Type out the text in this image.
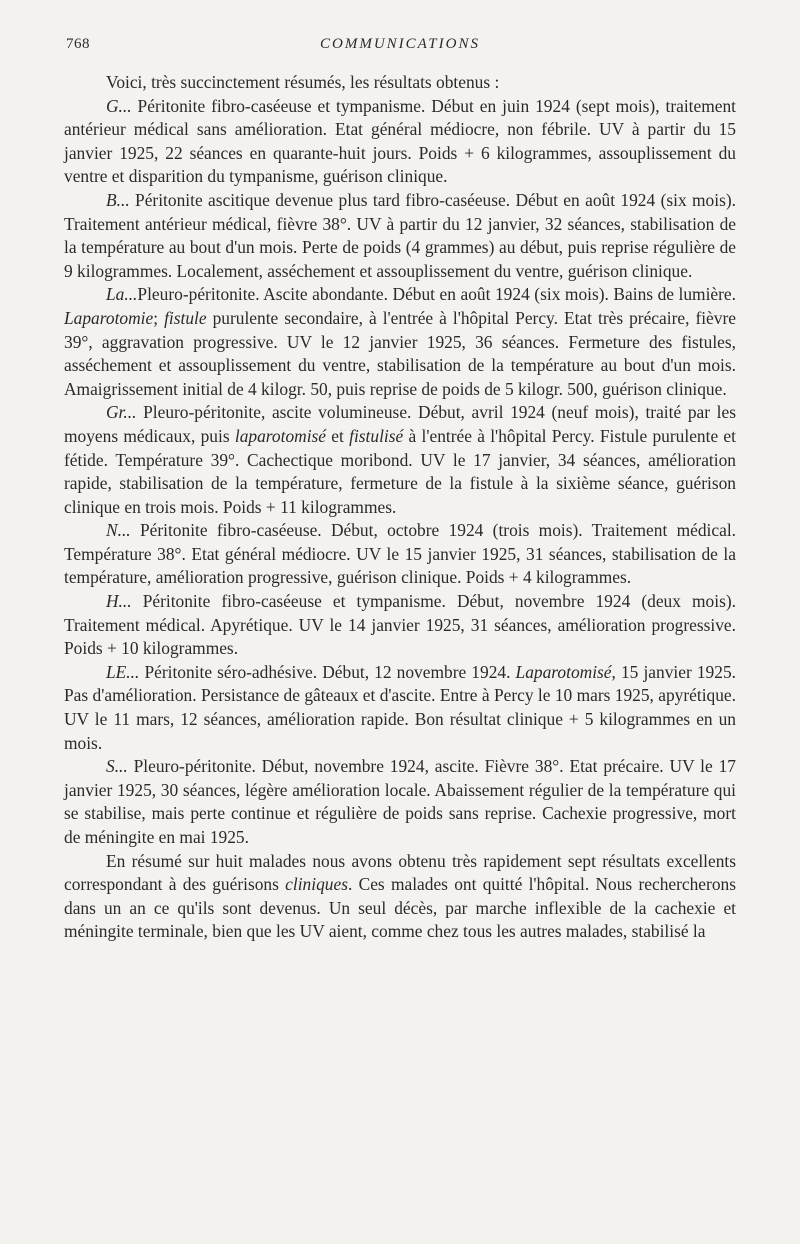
768	COMMUNICATIONS

Voici, très succinctement résumés, les résultats obtenus :

G... Péritonite fibro-caséeuse et tympanisme. Début en juin 1924 (sept mois), traitement antérieur médical sans amélioration. Etat général médiocre, non fébrile. UV à partir du 15 janvier 1925, 22 séances en quarante-huit jours. Poids + 6 kilogrammes, assouplissement du ventre et disparition du tympanisme, guérison clinique.

B... Péritonite ascitique devenue plus tard fibro-caséeuse. Début en août 1924 (six mois). Traitement antérieur médical, fièvre 38°. UV à partir du 12 janvier, 32 séances, stabilisation de la température au bout d'un mois. Perte de poids (4 grammes) au début, puis reprise régulière de 9 kilogrammes. Localement, asséchement et assouplissement du ventre, guérison clinique.

La...Pleuro-péritonite. Ascite abondante. Début en août 1924 (six mois). Bains de lumière. Laparotomie; fistule purulente secondaire, à l'entrée à l'hôpital Percy. Etat très précaire, fièvre 39°, aggravation progressive. UV le 12 janvier 1925, 36 séances. Fermeture des fistules, asséchement et assouplissement du ventre, stabilisation de la température au bout d'un mois. Amaigrissement initial de 4 kilogr. 50, puis reprise de poids de 5 kilogr. 500, guérison clinique.

Gr... Pleuro-péritonite, ascite volumineuse. Début, avril 1924 (neuf mois), traité par les moyens médicaux, puis laparotomisé et fistulisé à l'entrée à l'hôpital Percy. Fistule purulente et fétide. Température 39°. Cachectique moribond. UV le 17 janvier, 34 séances, amélioration rapide, stabilisation de la température, fermeture de la fistule à la sixième séance, guérison clinique en trois mois. Poids + 11 kilogrammes.

N... Péritonite fibro-caséeuse. Début, octobre 1924 (trois mois). Traitement médical. Température 38°. Etat général médiocre. UV le 15 janvier 1925, 31 séances, stabilisation de la température, amélioration progressive, guérison clinique. Poids + 4 kilogrammes.

H... Péritonite fibro-caséeuse et tympanisme. Début, novembre 1924 (deux mois). Traitement médical. Apyrétique. UV le 14 janvier 1925, 31 séances, amélioration progressive. Poids + 10 kilogrammes.

LE... Péritonite séro-adhésive. Début, 12 novembre 1924. Laparotomisé, 15 janvier 1925. Pas d'amélioration. Persistance de gâteaux et d'ascite. Entre à Percy le 10 mars 1925, apyrétique. UV le 11 mars, 12 séances, amélioration rapide. Bon résultat clinique + 5 kilogrammes en un mois.

S... Pleuro-péritonite. Début, novembre 1924, ascite. Fièvre 38°. Etat précaire. UV le 17 janvier 1925, 30 séances, légère amélioration locale. Abaissement régulier de la température qui se stabilise, mais perte continue et régulière de poids sans reprise. Cachexie progressive, mort de méningite en mai 1925.

En résumé sur huit malades nous avons obtenu très rapidement sept résultats excellents correspondant à des guérisons cliniques. Ces malades ont quitté l'hôpital. Nous rechercherons dans un an ce qu'ils sont devenus. Un seul décès, par marche inflexible de la cachexie et méningite terminale, bien que les UV aient, comme chez tous les autres malades, stabilisé la
